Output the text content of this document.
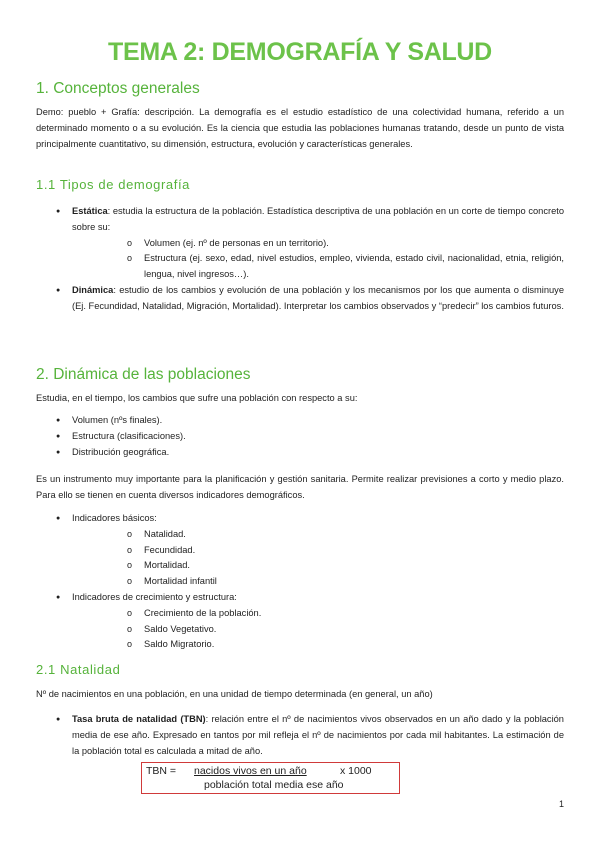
TEMA 2: DEMOGRAFÍA Y SALUD
1. Conceptos generales

Demo: pueblo + Grafía: descripción. La demografía es el estudio estadístico de una colectividad humana, referido a un determinado momento o a su evolución. Es la ciencia que estudia las poblaciones humanas tratando, desde un punto de vista principalmente cuantitativo, su dimensión, estructura, evolución y características generales.

1.1 Tipos de demografía
● Estática: estudia la estructura de la población. Estadística descriptiva de una población en un corte de tiempo concreto sobre su:
o Volumen (ej. nº de personas en un territorio).
o Estructura (ej. sexo, edad, nivel estudios, empleo, vivienda, estado civil, nacionalidad, etnia, religión, lengua, nivel ingresos…).
● Dinámica: estudio de los cambios y evolución de una población y los mecanismos por los que aumenta o disminuye (Ej. Fecundidad, Natalidad, Migración, Mortalidad). Interpretar los cambios observados y “predecir” los cambios futuros.
2. Dinámica de las poblaciones

Estudia, en el tiempo, los cambios que sufre una población con respecto a su:

● Volumen (nºs finales).
● Estructura (clasificaciones).
● Distribución geográfica.

Es un instrumento muy importante para la planificación y gestión sanitaria. Permite realizar previsiones a corto y medio plazo. Para ello se tienen en cuenta diversos indicadores demográficos.

● Indicadores básicos:
o Natalidad.
o Fecundidad.
o Mortalidad.
o Mortalidad infantil
● Indicadores de crecimiento y estructura:
o Crecimiento de la población.
o Saldo Vegetativo.
o Saldo Migratorio.
2.1 Natalidad

Nº de nacimientos en una población, en una unidad de tiempo determinada (en general, un año)

● Tasa bruta de natalidad (TBN): relación entre el nº de nacimientos vivos observados en un año dado y la población media de ese año. Expresado en tantos por mil refleja el nº de nacimientos por cada mil habitantes. La estimación de la población total es calculada a mitad de año.
TBN = nacidos vivos en un año	x 1000
población total media ese año
1
